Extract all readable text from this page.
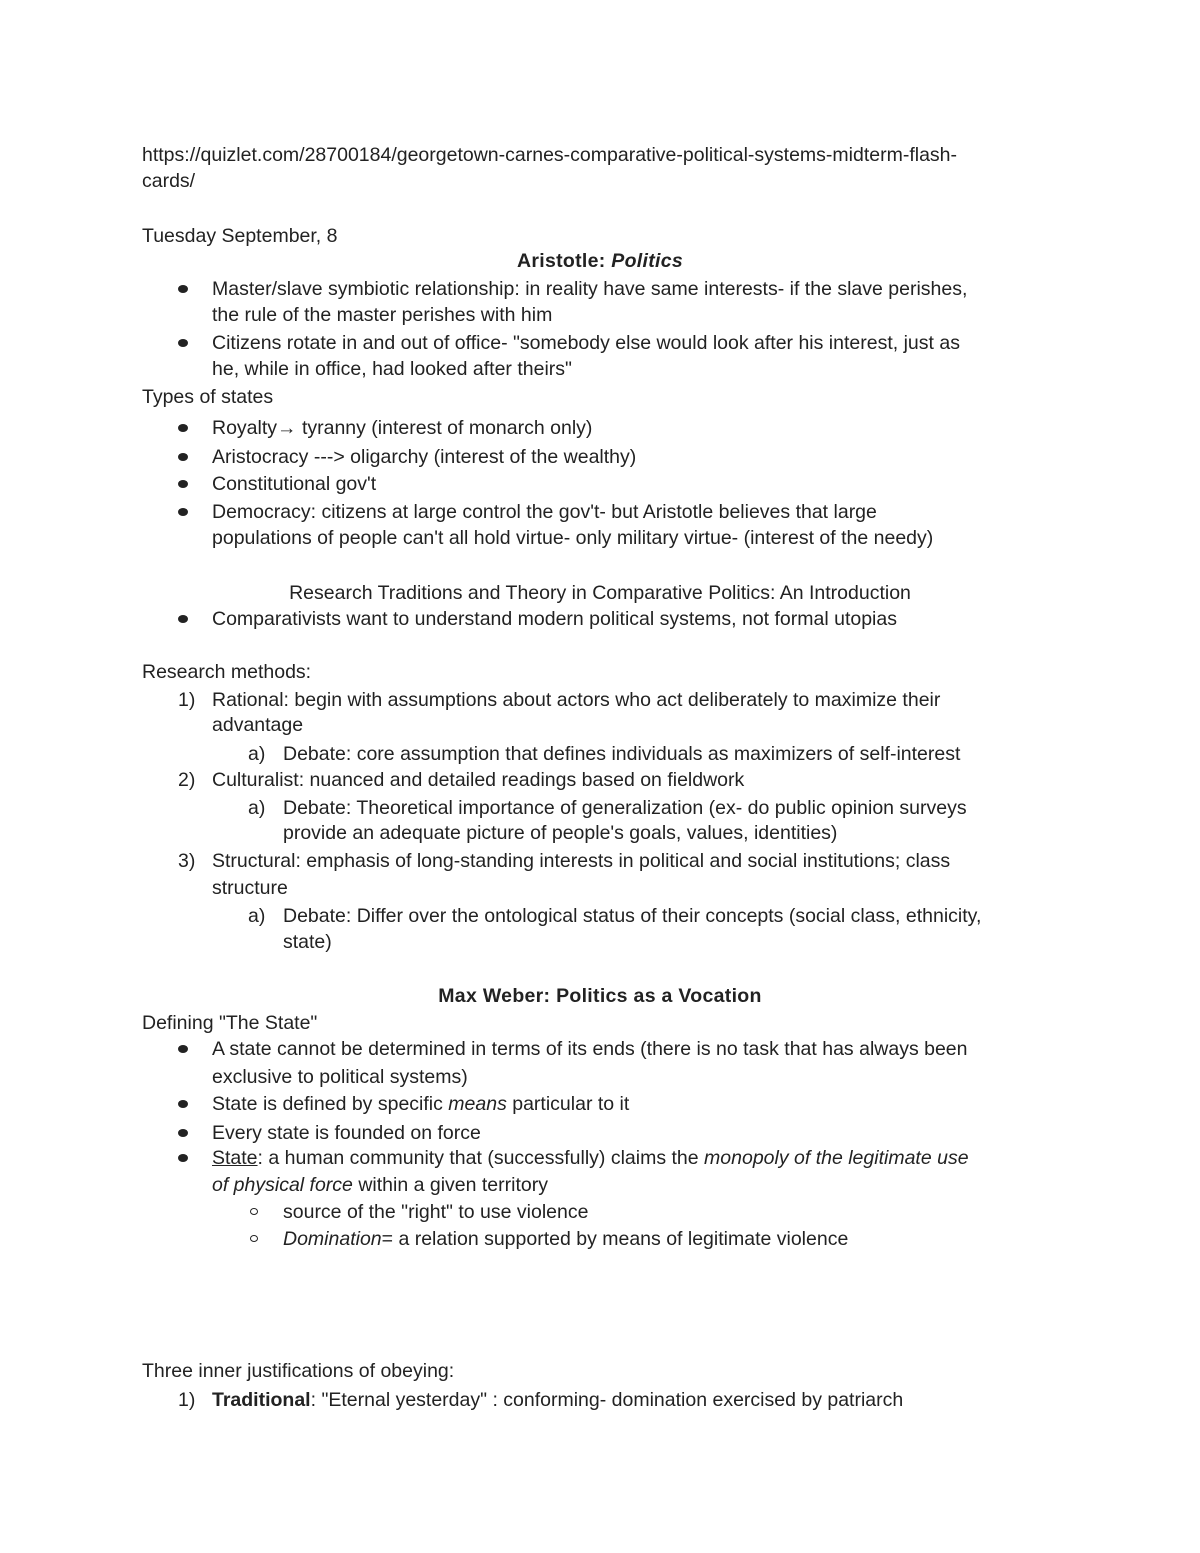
https://quizlet.com/28700184/georgetown-carnes-comparative-political-systems-midterm-flash-
cards/
Tuesday September, 8
Aristotle: Politics
Master/slave symbiotic relationship: in reality have same interests- if the slave perishes,
the rule of the master perishes with him
Citizens rotate in and out of office- "somebody else would look after his interest, just as
he, while in office, had looked after theirs"
Types of states
Royalty→ tyranny (interest of monarch only)
Aristocracy ---> oligarchy (interest of the wealthy)
Constitutional gov't
Democracy: citizens at large control the gov't- but Aristotle believes that large
populations of people can't all hold virtue- only military virtue- (interest of the needy)
Research Traditions and Theory in Comparative Politics: An Introduction
Comparativists want to understand modern political systems, not formal utopias
Research methods:
1) Rational: begin with assumptions about actors who act deliberately to maximize their
advantage
a) Debate: core assumption that defines individuals as maximizers of self-interest
2) Culturalist: nuanced and detailed readings based on fieldwork
a) Debate: Theoretical importance of generalization (ex- do public opinion surveys
provide an adequate picture of people's goals, values, identities)
3) Structural: emphasis of long-standing interests in political and social institutions; class
structure
a) Debate: Differ over the ontological status of their concepts (social class, ethnicity,
state)
Max Weber: Politics as a Vocation
Defining "The State"
A state cannot be determined in terms of its ends (there is no task that has always been
exclusive to political systems)
State is defined by specific means particular to it
Every state is founded on force
State: a human community that (successfully) claims the monopoly of the legitimate use
of physical force within a given territory
source of the "right" to use violence
Domination= a relation supported by means of legitimate violence
Three inner justifications of obeying:
1) Traditional: "Eternal yesterday" : conforming- domination exercised by patriarch
